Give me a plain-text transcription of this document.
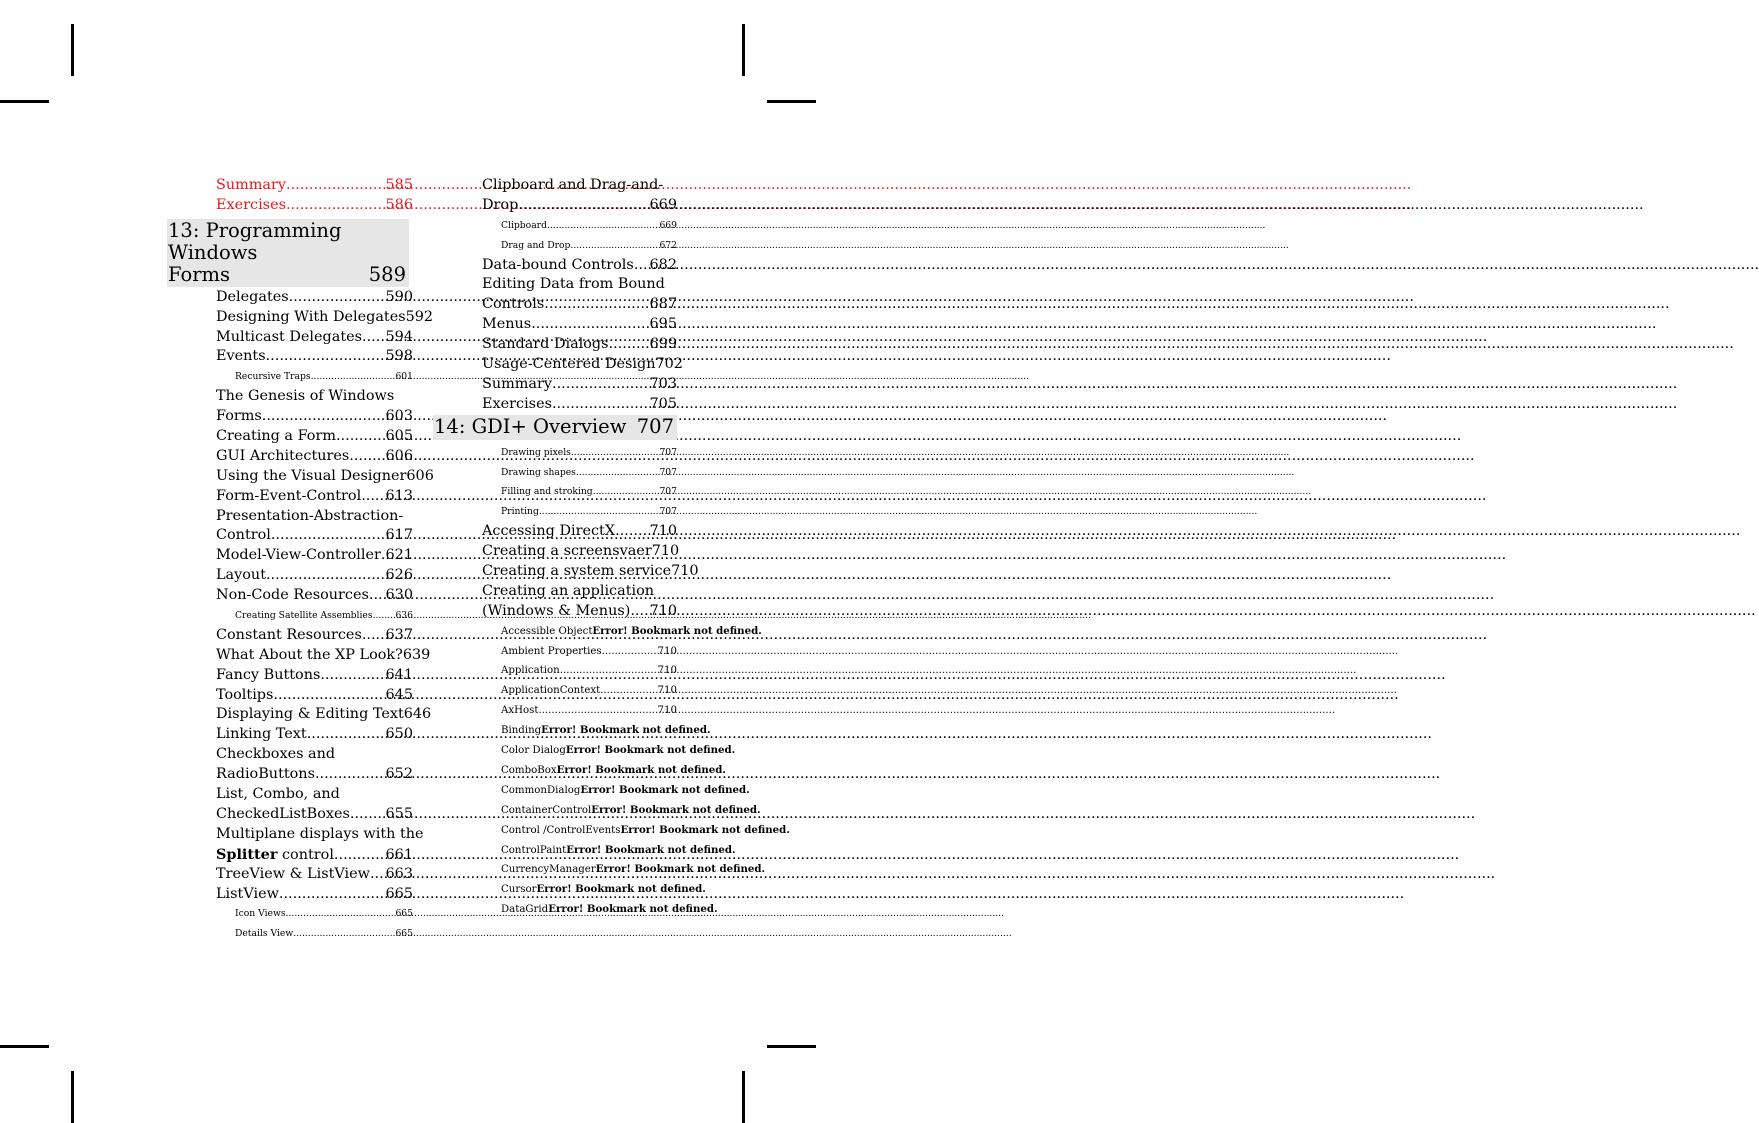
Summary .....	585
Exercises .....	586
13: Programming Windows
Forms	589
Delegates .....	590
Designing With Delegates 592
Multicast Delegates ..... 594
Events .....	598
Recursive Traps .....	601
The Genesis of Windows
Forms .....	603
Creating a Form .....	605
GUI Architectures .....	606
Using the Visual Designer 606
Form-Event-Control ..... 613
Presentation-Abstraction-
Control .....	617
Model-View-Controller ..... 621
Layout .....	626
Non-Code Resources ..... 630
Creating Satellite Assemblies ..... 636
Constant Resources ..... 637
What About the XP Look? 639
Fancy Buttons .....	641
Tooltips .....	645
Displaying & Editing Text 646
Linking Text .....	650
Checkboxes and
RadioButtons .....	652
List, Combo, and
CheckedListBoxes ..... 655
Multiplane displays with the
Splitter control .....	661
TreeView & ListView ..... 663
ListView .....	665
Icon Views .....	665
Details View .....	665
Clipboard and Drag-and-
Drop .....	669
Clipboard .....	669
Drag and Drop .....	672
Data-bound Controls ..... 682
Editing Data from Bound
Controls .....	687
Menus .....	695
Standard Dialogs .....	699
Usage-Centered Design 702
Summary .....	703
Exercises .....	705
14: GDI+ Overview 707
Drawing pixels .....	707
Drawing shapes .....	707
Filling and stroking .....	707
Printing .....	707
Accessing DirectX ..... 710
Creating a screensvaer 710
Creating a system service 710
Creating an application
(Windows & Menus) ..... 710
Accessible Object Error! Bookmark not defined.
Ambient Properties .....	710
Application .....	710
ApplicationContext .....	710
AxHost .....	710
Binding Error! Bookmark not defined.
Color Dialog Error! Bookmark not defined.
ComboBox Error! Bookmark not defined.
CommonDialog Error! Bookmark not defined.
ContainerControl Error! Bookmark not defined.
Control /ControlEvents Error! Bookmark not defined.
ControlPaint Error! Bookmark not defined.
CurrencyManager Error! Bookmark not defined.
Cursor Error! Bookmark not defined.
DataGrid Error! Bookmark not defined.
